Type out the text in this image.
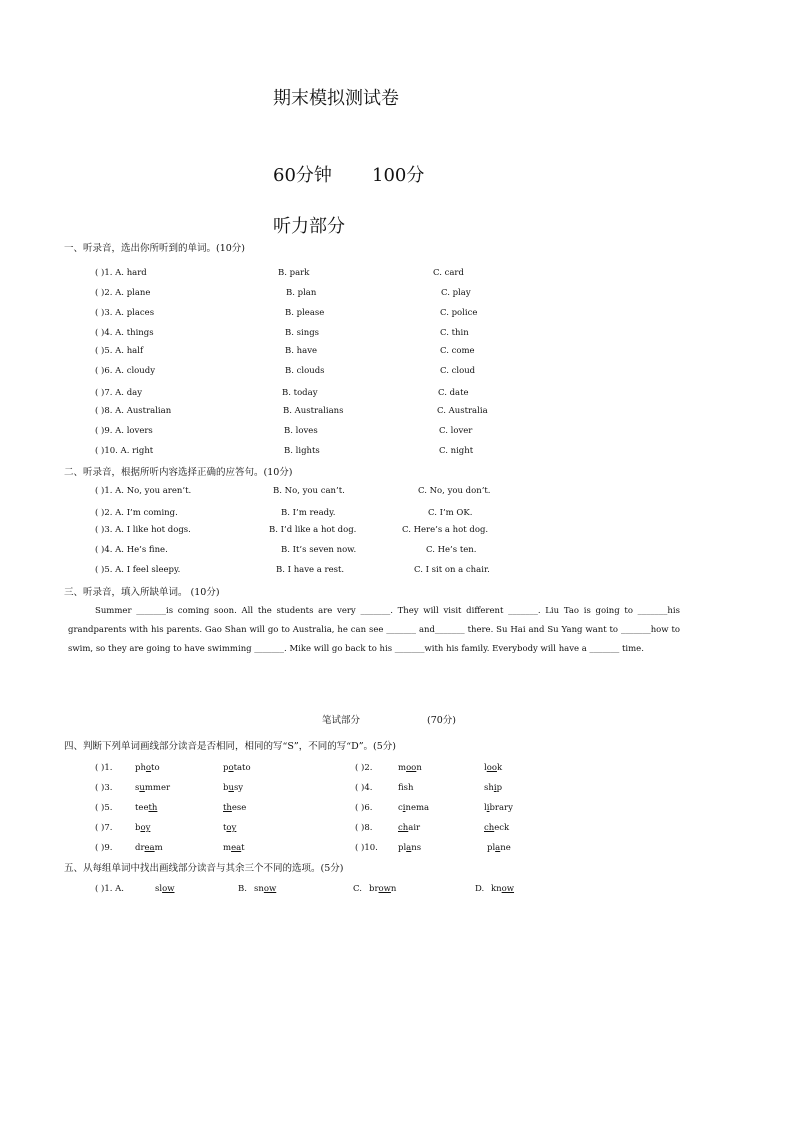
期末模拟测试卷
60分钟 100分
听力部分
一、听录音，选出你所听到的单词。(10分)
( )1. A. hard	B. park	C. card
( )2. A. plane	B. plan	C. play
( )3. A. places	B. please	C. police
( )4. A. things	B. sings	C. thin
( )5. A. half	B. have	C. come
( )6. A. cloudy	B. clouds	C. cloud
( )7. A. day	B. today	C. date
( )8. A. Australian	B. Australians	C. Australia
( )9. A. lovers	B. loves	C. lover
( )10. A. right	B. lights	C. night
二、听录音，根据所听内容选择正确的应答句。(10分)
( )1. A. No, you aren’t.	B. No, you can’t.	C. No, you don’t.
( )2. A. I’m coming.	B. I’m ready.	C. I’m OK.
( )3. A. I like hot dogs.	B. I’d like a hot dog.	C. Here’s a hot dog.
( )4. A. He’s fine.	B. It’s seven now.	C. He’s ten.
( )5. A. I feel sleepy.	B. I have a rest.	C. I sit on a chair.
三、听录音，填入所缺单词。 (10分)

Summer _______is coming soon. All the students are very _______. They will visit different _______. Liu Tao is going to _______his grandparents with his parents. Gao Shan will go to Australia, he can see _______ and_______ there. Su Hai and Su Yang want to _______how to swim, so they are going to have swimming _______. Mike will go back to his _______with his family. Everybody will have a _______ time.

笔试部分	(70分)
四、判断下列单词画线部分读音是否相同，相同的写“S”，不同的写“D”。(5分)
( )1.	photo	potato	( )2.	moon	look
( )3.	summer	busy	( )4.	fsh	ship
( )5.	teeth	these	( )6.	cinema	library
( )7.	boy	toy	( )8.	chair	check
( )9.	dream	meat	( )10. plans	plane
五、从每组单词中找出画线部分读音与其余三个不同的选项。(5分)
( )1. A.	slow	B. snow	C. brown	D. know
